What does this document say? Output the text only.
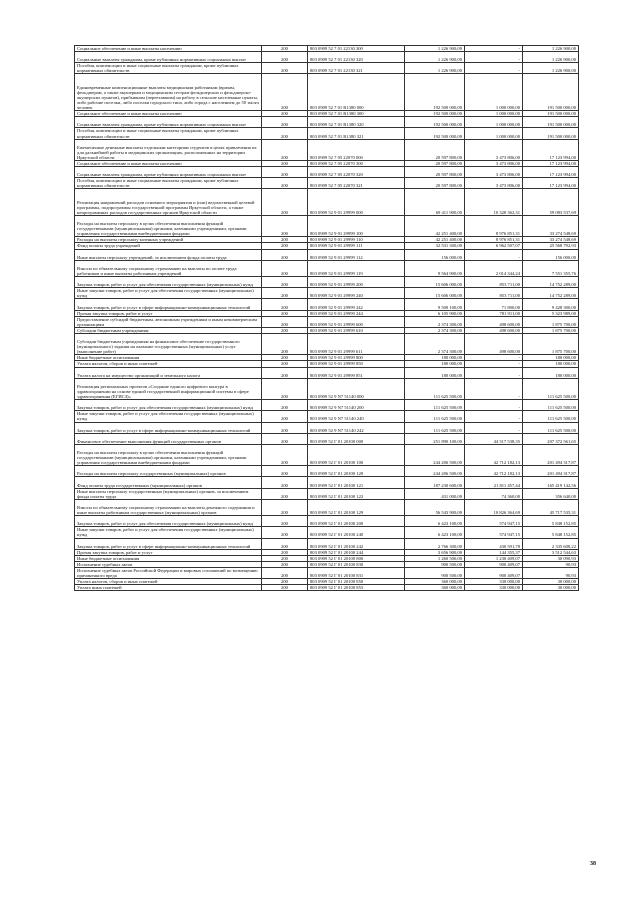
Социальное обеспечение и иные выплаты населению	200	803 0909 52 7 01 22130 300	1 226 900,00	-	1 226 900,00
Социальные выплаты гражданам, кроме публичных нормативных социальных выплат	200	803 0909 52 7 01 22130 320	1 226 900,00	-	1 226 900,00
Пособия, компенсации и иные социальные выплаты гражданам, кроме публичных нормативных обязательств	200	803 0909 52 7 01 22130 321	1 226 900,00	-	1 226 900,00
Единовременные компенсационные выплаты медицинским работникам (врачам, фельдшерам, а также акушеркам и медицинским сестрам фельдшерских и фельдшерско-акушерских пунктов), прибывшим (переехавшим) на работу в сельские населенные пункты, либо рабочие поселки, либо поселки городского типа, либо города с населением до 50 тысяч человек	200	803 0909 52 7 01 R1380 000	192 500 000,00	1 000 000,00	191 500 000,00
Социальное обеспечение и иные выплаты населению	200	803 0909 52 7 01 R1380 300	192 500 000,00	1 000 000,00	191 500 000,00
Социальные выплаты гражданам, кроме публичных нормативных социальных выплат	200	803 0909 52 7 01 R1380 320	192 500 000,00	1 000 000,00	191 500 000,00
Пособия, компенсации и иные социальные выплаты гражданам, кроме публичных нормативных обязательств	200	803 0909 52 7 01 R1380 321	192 500 000,00	1 000 000,00	191 500 000,00
Ежемесячные денежные выплаты отдельным категориям студентов в целях привлечения их для дальнейшей работы в медицинских организациях, расположенных на территории Иркутской области	200	803 0909 52 7 05 22070 000	20 597 800,00	3 473 806,00	17 123 994,00
Социальное обеспечение и иные выплаты населению	200	803 0909 52 7 05 22070 300	20 597 800,00	3 473 806,00	17 123 994,00
Социальные выплаты гражданам, кроме публичных нормативных социальных выплат	200	803 0909 52 7 05 22070 320	20 597 800,00	3 473 806,00	17 123 994,00
Пособия, компенсации и иные социальные выплаты гражданам, кроме публичных нормативных обязательств	200	803 0909 52 7 05 22070 321	20 597 800,00	3 473 806,00	17 123 994,00
Реализация направлений расходов основного мероприятия и (или) ведомственной целевой программы, подпрограммы государственной программы Иркутской области, а также непрограммных расходов государственных органов Иркутской области	200	803 0909 52 9 01 29999 000	69 411 900,00	10 328 362,31	59 083 537,69
Расходы на выплаты персоналу в целях обеспечения выполнения функций государственными (муниципальными) органами, казенными учреждениями, органами управления государственными внебюджетными фондами	200	803 0909 52 9 01 29999 100	42 251 400,00	8 976 851,31	33 274 548,69
Расходы на выплаты персоналу казенных учреждений	200	803 0909 52 9 01 29999 110	42 251 400,00	8 976 851,31	33 274 548,69
Фонд оплаты труда учреждений	200	803 0909 52 9 01 29999 111	32 531 300,00	6 962 507,07	25 568 792,93
Иные выплаты персоналу учреждений, за исключением фонда оплаты труда	200	803 0909 52 9 01 29999 112	156 000,00	-	156 000,00
Взносы по обязательному социальному страхованию на выплаты по оплате труда работников и иные выплаты работникам учреждений	200	803 0909 52 9 01 29999 119	9 564 900,00	2 014 344,24	7 551 355,76
Закупка товаров, работ и услуг для обеспечения государственных (муниципальных) нужд	200	803 0909 52 9 01 29999 200	15 606 000,00	853 711,00	14 752 289,00
Иные закупки товаров, работ и услуг для обеспечения государственных (муниципальных) нужд	200	803 0909 52 9 01 29999 240	15 606 000,00	853 711,00	14 752 289,00
Закупка товаров, работ и услуг в сфере информационно-коммуникационных технологий	200	803 0909 52 9 01 29999 242	9 500 100,00	71 800,00	9 428 300,00
Прочая закупка товаров, работ и услуг	200	803 0909 52 9 01 29999 244	6 105 900,00	781 911,00	5 323 989,00
Предоставление субсидий бюджетным, автономным учреждениям и иным некоммерческим организациям	200	803 0909 52 9 01 29999 600	2 374 300,00	498 600,00	1 875 700,00
Субсидии бюджетным учреждениям	200	803 0909 52 9 01 29999 610	2 374 300,00	498 600,00	1 875 700,00
Субсидии бюджетным учреждениям на финансовое обеспечение государственного (муниципального) задания на оказание государственных (муниципальных) услуг (выполнение работ)	200	803 0909 52 9 01 29999 611	2 374 300,00	498 600,00	1 875 700,00
Иные бюджетные ассигнования	200	803 0909 52 9 01 29999 800	180 000,00	-	180 000,00
Уплата налогов, сборов и иных платежей	200	803 0909 52 9 01 29999 850	180 000,00	-	180 000,00
Уплата налога на имущество организаций и земельного налога	200	803 0909 52 9 01 29999 851	180 000,00	-	180 000,00
Реализация региональных проектов «Создание единого цифрового контура в здравоохранении на основе единой государственной информационной системы в сфере здравоохранения (ЕГИСЗ)»	200	803 0909 52 9 N7 51140 000	111 625 500,00	-	111 625 500,00
Закупка товаров, работ и услуг для обеспечения государственных (муниципальных) нужд	200	803 0909 52 9 N7 51140 200	111 625 500,00	-	111 625 500,00
Иные закупки товаров, работ и услуг для обеспечения государственных (муниципальных) нужд	200	803 0909 52 9 N7 51140 240	111 625 500,00	-	111 625 500,00
Закупка товаров, работ и услуг в сфере информационно-коммуникационных технологий	200	803 0909 52 9 N7 51140 242	111 625 500,00	-	111 625 500,00
Финансовое обеспечение выполнения функций государственных органов	200	803 0909 52 Г 01 20100 000	251 890 100,00	44 517 538,35	207 372 561,65
Расходы на выплаты персоналу в целях обеспечения выполнения функций государственными (муниципальными) органами, казенными учреждениями, органами управления государственными внебюджетными фондами	200	803 0909 52 Г 01 20100 100	244 206 500,00	42 712 182,13	201 494 317,87
Расходы на выплаты персоналу государственных (муниципальных) органов	200	803 0909 52 Г 01 20100 120	244 206 500,00	42 712 182,13	201 494 317,87
Фонд оплаты труда государственных (муниципальных) органов	200	803 0909 52 Г 01 20100 121	187 230 600,00	21 811 457,44	165 419 142,56
Иные выплаты персоналу государственных (муниципальных) органов, за исключением фонда оплаты труда	200	803 0909 52 Г 01 20100 122	431 000,00	74 360,00	356 640,00
Взносы по обязательному социальному страхованию на выплаты денежного содержания и иные выплаты работникам государственных (муниципальных) органов	200	803 0909 52 Г 01 20100 129	56 543 900,00	10 826 364,69	45 717 535,31
Закупка товаров, работ и услуг для обеспечения государственных (муниципальных) нужд	200	803 0909 52 Г 01 20100 200	6 423 100,00	574 947,15	5 848 152,85
Иные закупки товаров, работ и услуг для обеспечения государственных (муниципальных) нужд	200	803 0909 52 Г 01 20100 240	6 423 100,00	574 947,15	5 848 152,85
Закупка товаров, работ и услуг в сфере информационно-коммуникационных технологий	200	803 0909 52 Г 01 20100 242	2 766 300,00	430 591,78	2 335 608,22
Прочая закупка товаров, работ и услуг	200	803 0909 52 Г 01 20100 244	3 656 900,00	144 355,37	3 512 544,63
Иные бюджетные ассигнования	200	803 0909 52 Г 01 20100 800	1 260 500,00	1 230 409,07	30 090,93
Исполнение судебных актов	200	803 0909 52 Г 01 20100 830	900 500,00	900 409,07	90,93
Исполнение судебных актов Российской Федерации и мировых соглашений по возмещению причиненного вреда	200	803 0909 52 Г 01 20100 831	900 500,00	900 409,07	90,93
Уплата налогов, сборов и иных платежей	200	803 0909 52 Г 01 20100 850	360 000,00	330 000,00	30 000,00
Уплата иных платежей	200	803 0909 52 Г 01 20100 853	360 000,00	330 000,00	30 000,00
38
